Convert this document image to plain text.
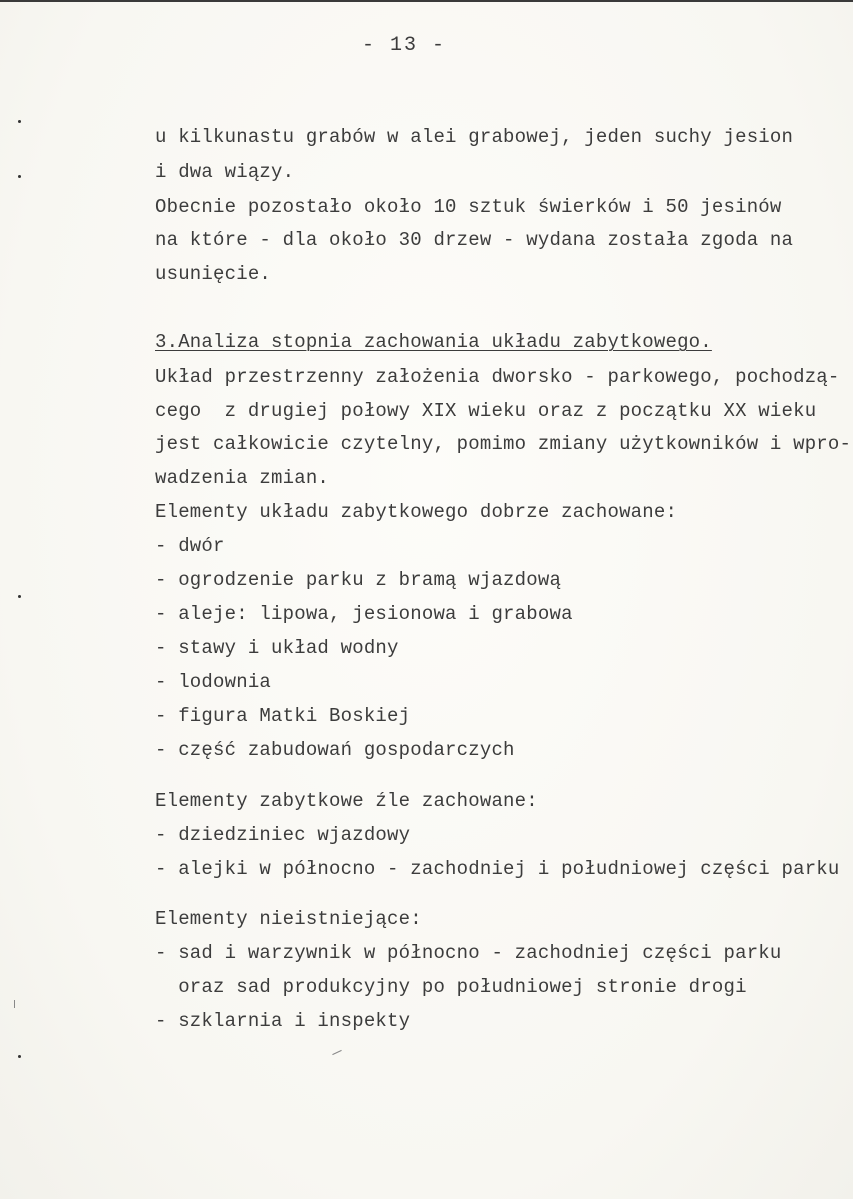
- 13 -
u kilkunastu grabów w alei grabowej, jeden suchy jesion
i dwa wiązy.
Obecnie pozostało około 10 sztuk świerków i 50 jesinów
na które - dla około 30 drzew - wydana została zgoda na
usunięcie.
3.Analiza stopnia zachowania układu zabytkowego.
Układ przestrzenny założenia dworsko - parkowego, pochodzą-
cego  z drugiej połowy XIX wieku oraz z początku XX wieku
jest całkowicie czytelny, pomimo zmiany użytkowników i wpro-
wadzenia zmian.
Elementy układu zabytkowego dobrze zachowane:
- dwór
- ogrodzenie parku z bramą wjazdową
- aleje: lipowa, jesionowa i grabowa
- stawy i układ wodny
- lodownia
- figura Matki Boskiej
- część zabudowań gospodarczych
Elementy zabytkowe źle zachowane:
- dziedziniec wjazdowy
- alejki w północno - zachodniej i południowej części parku
Elementy nieistniejące:
- sad i warzywnik w północno - zachodniej części parku
oraz sad produkcyjny po południowej stronie drogi
- szklarnia i inspekty
